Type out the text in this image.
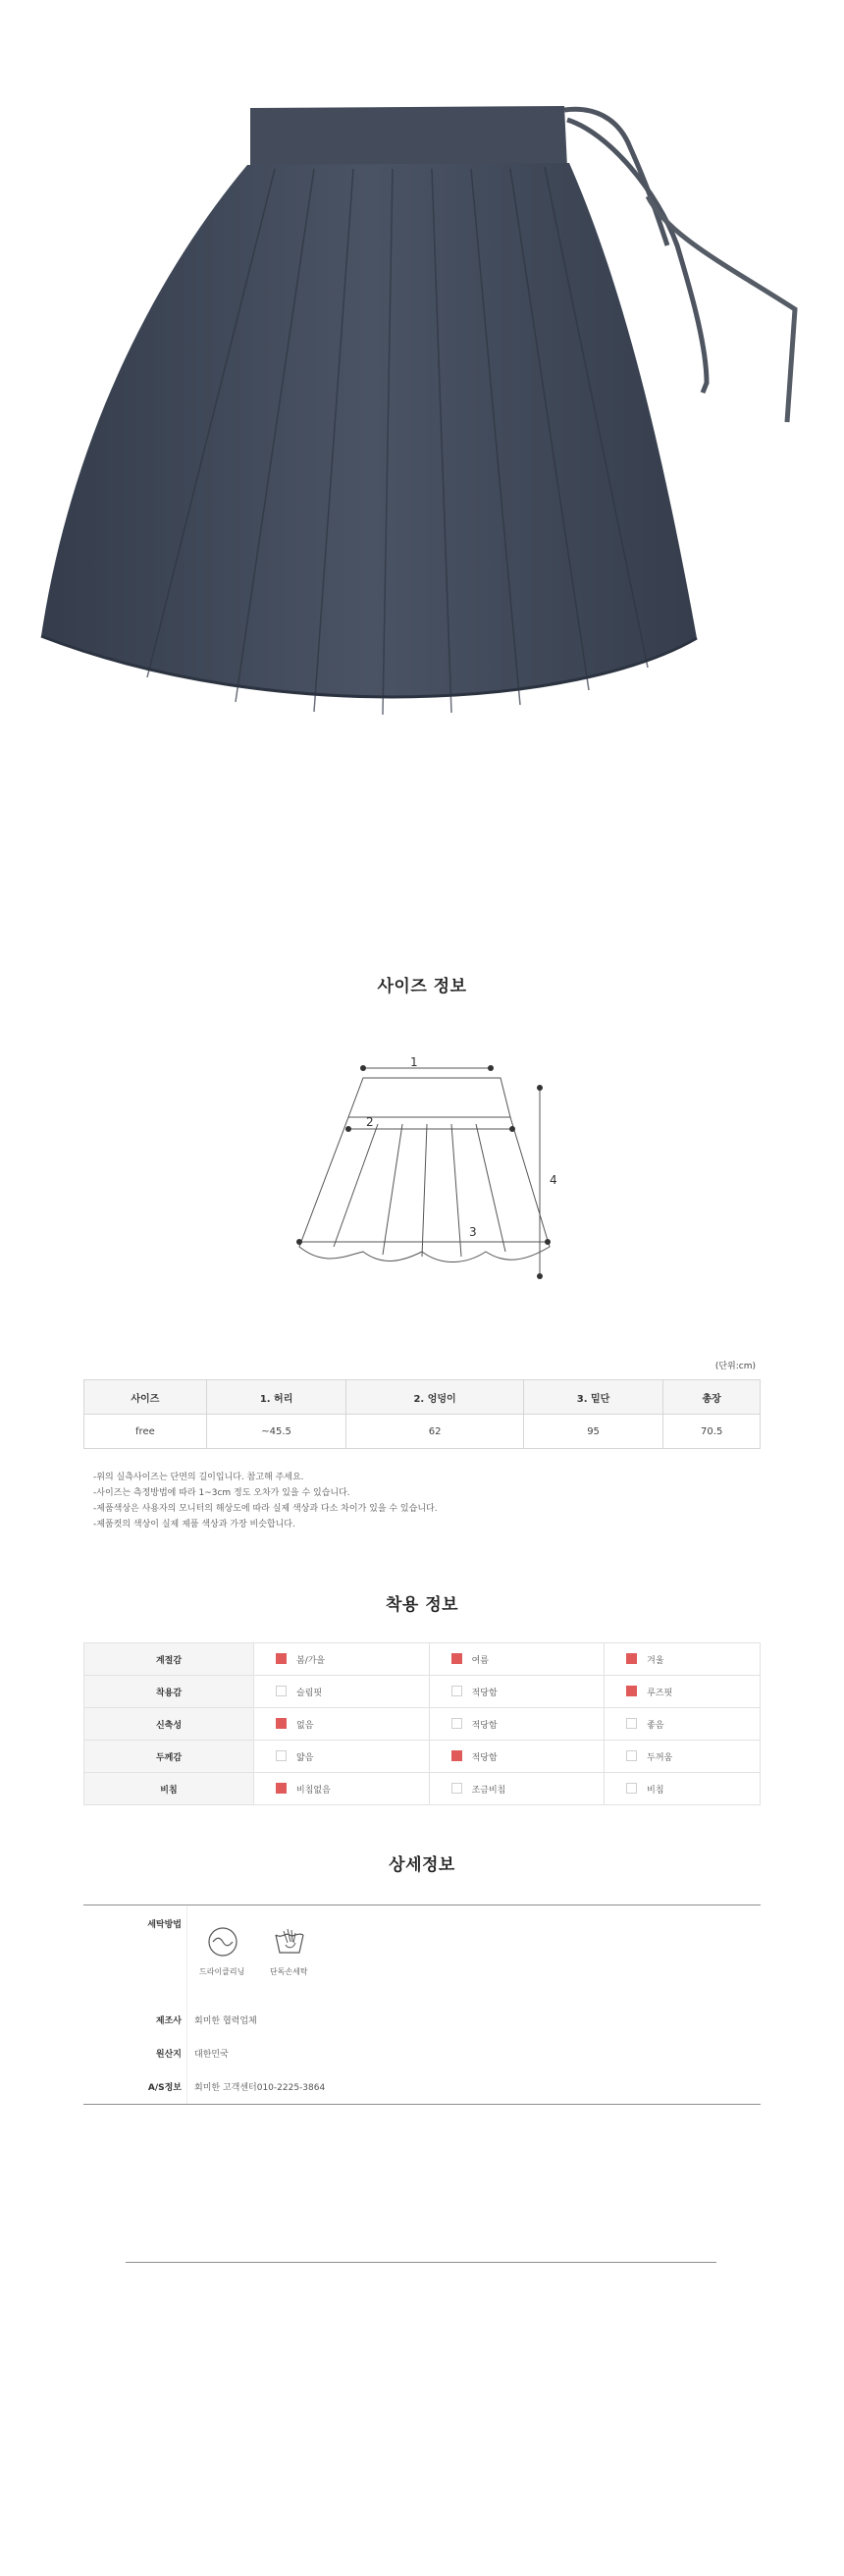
사이즈 정보
1
2
3
4
(단위:cm)
사이즈	1. 허리	2. 엉덩이	3. 밑단	총장
free	~45.5	62	95	70.5
-위의 실측사이즈는 단면의 길이입니다. 참고해 주세요.
-사이즈는 측정방법에 따라 1~3cm 정도 오차가 있을 수 있습니다.
-제품색상은 사용자의 모니터의 해상도에 따라 실제 색상과 다소 차이가 있을 수 있습니다.
-제품컷의 색상이 실제 제품 색상과 가장 비슷합니다.
착용 정보
계절감	봄/가을	여름	겨울
착용감	슬림핏	적당함	루즈핏
신축성	없음	적당함	좋음
두께감	얇음	적당함	두꺼움
비침	비침없음	조금비침	비침
상세정보
세탁방법
드라이클리닝	단독손세탁
제조사 회미한 협력업체
원산지 대한민국
A/S정보 회미한 고객센터010-2225-3864
